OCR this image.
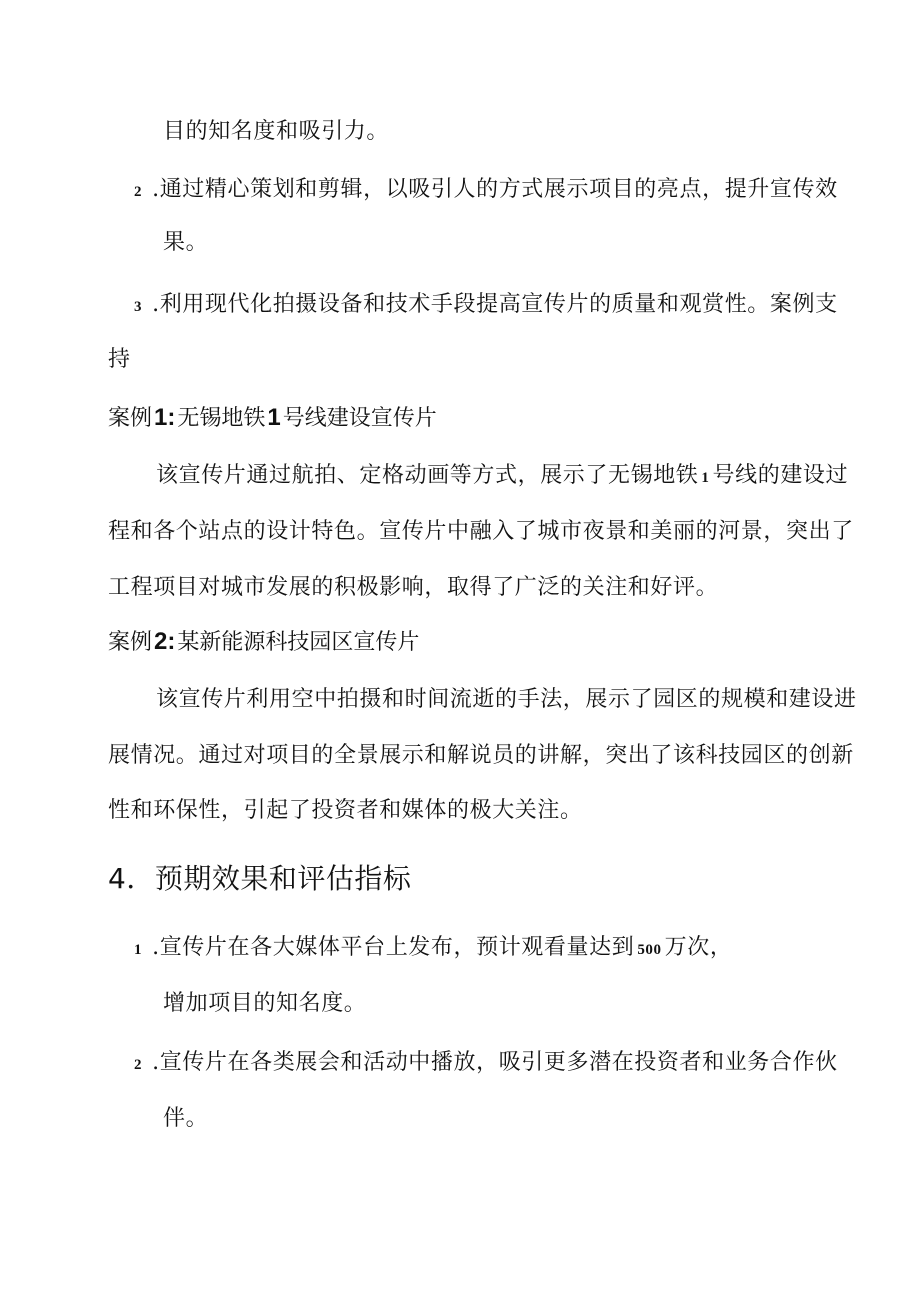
目的知名度和吸引力。
2 .通过精心策划和剪辑，以吸引人的方式展示项目的亮点，提升宣传效
果。
3 .利用现代化拍摄设备和技术手段提高宣传片的质量和观赏性。案例支
持
案例1:无锡地铁1号线建设宣传片
该宣传片通过航拍、定格动画等方式，展示了无锡地铁 1 号线的建设过
程和各个站点的设计特色。宣传片中融入了城市夜景和美丽的河景，突出了
工程项目对城市发展的积极影响，取得了广泛的关注和好评。
案例2:某新能源科技园区宣传片
该宣传片利用空中拍摄和时间流逝的手法，展示了园区的规模和建设进
展情况。通过对项目的全景展示和解说员的讲解，突出了该科技园区的创新
性和环保性，引起了投资者和媒体的极大关注。
4．预期效果和评估指标
1 .宣传片在各大媒体平台上发布，预计观看量达到 500 万次，
增加项目的知名度。
2 .宣传片在各类展会和活动中播放，吸引更多潜在投资者和业务合作伙
伴。
